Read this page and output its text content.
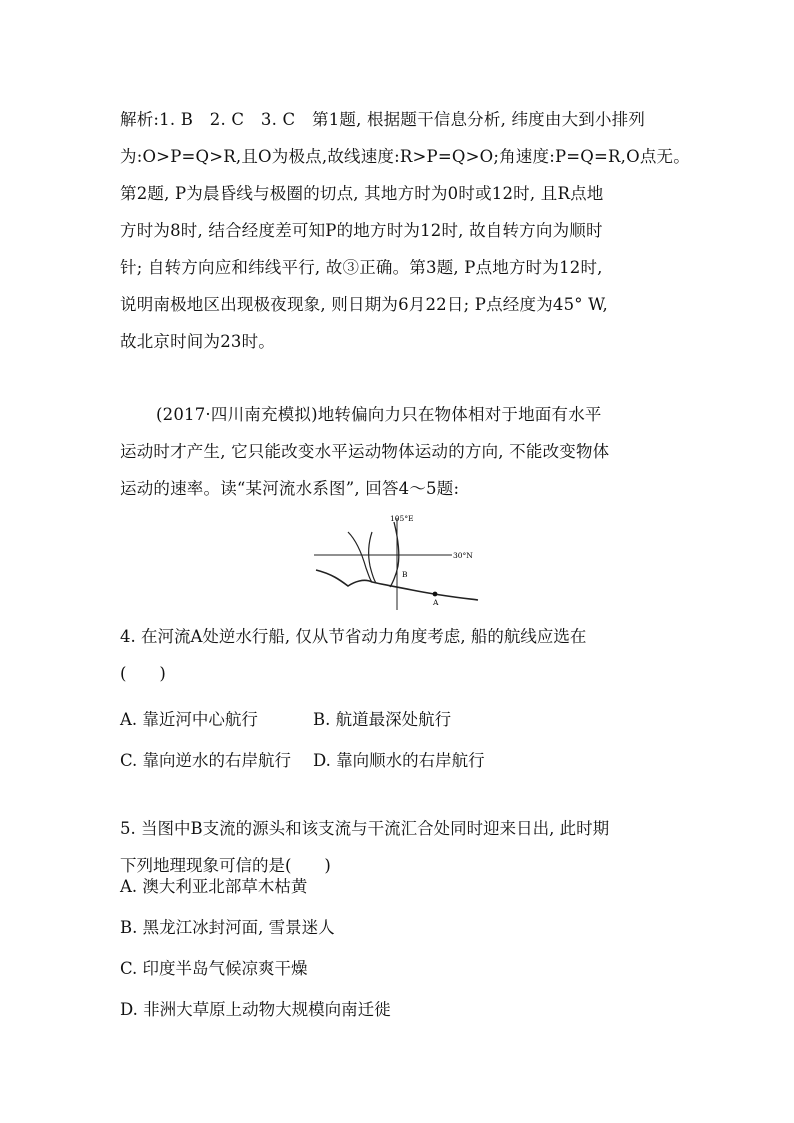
解析:1. B　2. C　3. C　第1题, 根据题干信息分析, 纬度由大到小排列
为:O>P=Q>R,且O为极点,故线速度:R>P=Q>O;角速度:P=Q=R,O点无。
第2题, P为晨昏线与极圈的切点, 其地方时为0时或12时, 且R点地
方时为8时, 结合经度差可知P的地方时为12时, 故自转方向为顺时
针; 自转方向应和纬线平行, 故③正确。第3题, P点地方时为12时,
说明南极地区出现极夜现象, 则日期为6月22日; P点经度为45° W,
故北京时间为23时。
(2017·四川南充模拟)地转偏向力只在物体相对于地面有水平
运动时才产生, 它只能改变水平运动物体运动的方向, 不能改变物体
运动的速率。读“某河流水系图”, 回答4～5题:
105°E
30°N
B
A
4. 在河流A处逆水行船, 仅从节省动力角度考虑, 船的航线应选在
(　　)
A. 靠近河中心航行	B. 航道最深处航行
C. 靠向逆水的右岸航行 D. 靠向顺水的右岸航行
5. 当图中B支流的源头和该支流与干流汇合处同时迎来日出, 此时期
下列地理现象可信的是(　　)
A. 澳大利亚北部草木枯黄
B. 黑龙江冰封河面, 雪景迷人
C. 印度半岛气候凉爽干燥
D. 非洲大草原上动物大规模向南迁徙
